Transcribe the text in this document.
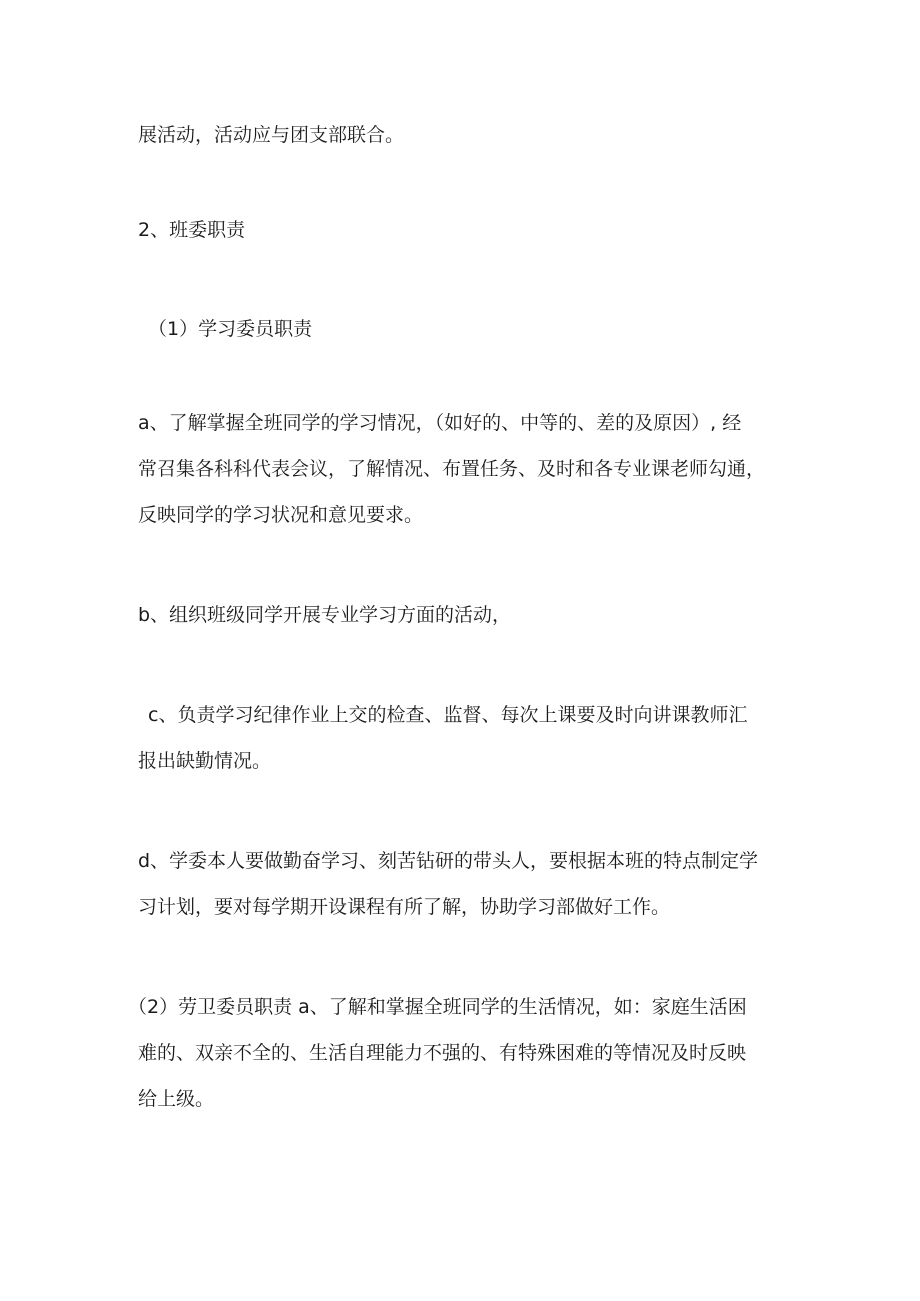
展活动，活动应与团支部联合。
2、班委职责
（1）学习委员职责
a、了解掌握全班同学的学习情况，（如好的、中等的、差的及原因）, 经
常召集各科科代表会议，了解情况、布置任务、及时和各专业课老师勾通，
反映同学的学习状况和意见要求。
b、组织班级同学开展专业学习方面的活动，
c、负责学习纪律作业上交的检查、监督、每次上课要及时向讲课教师汇
报出缺勤情况。
d、学委本人要做勤奋学习、刻苦钻研的带头人，要根据本班的特点制定学
习计划，要对每学期开设课程有所了解，协助学习部做好工作。
（2）劳卫委员职责 a、了解和掌握全班同学的生活情况，如：家庭生活困
难的、双亲不全的、生活自理能力不强的、有特殊困难的等情况及时反映
给上级。
